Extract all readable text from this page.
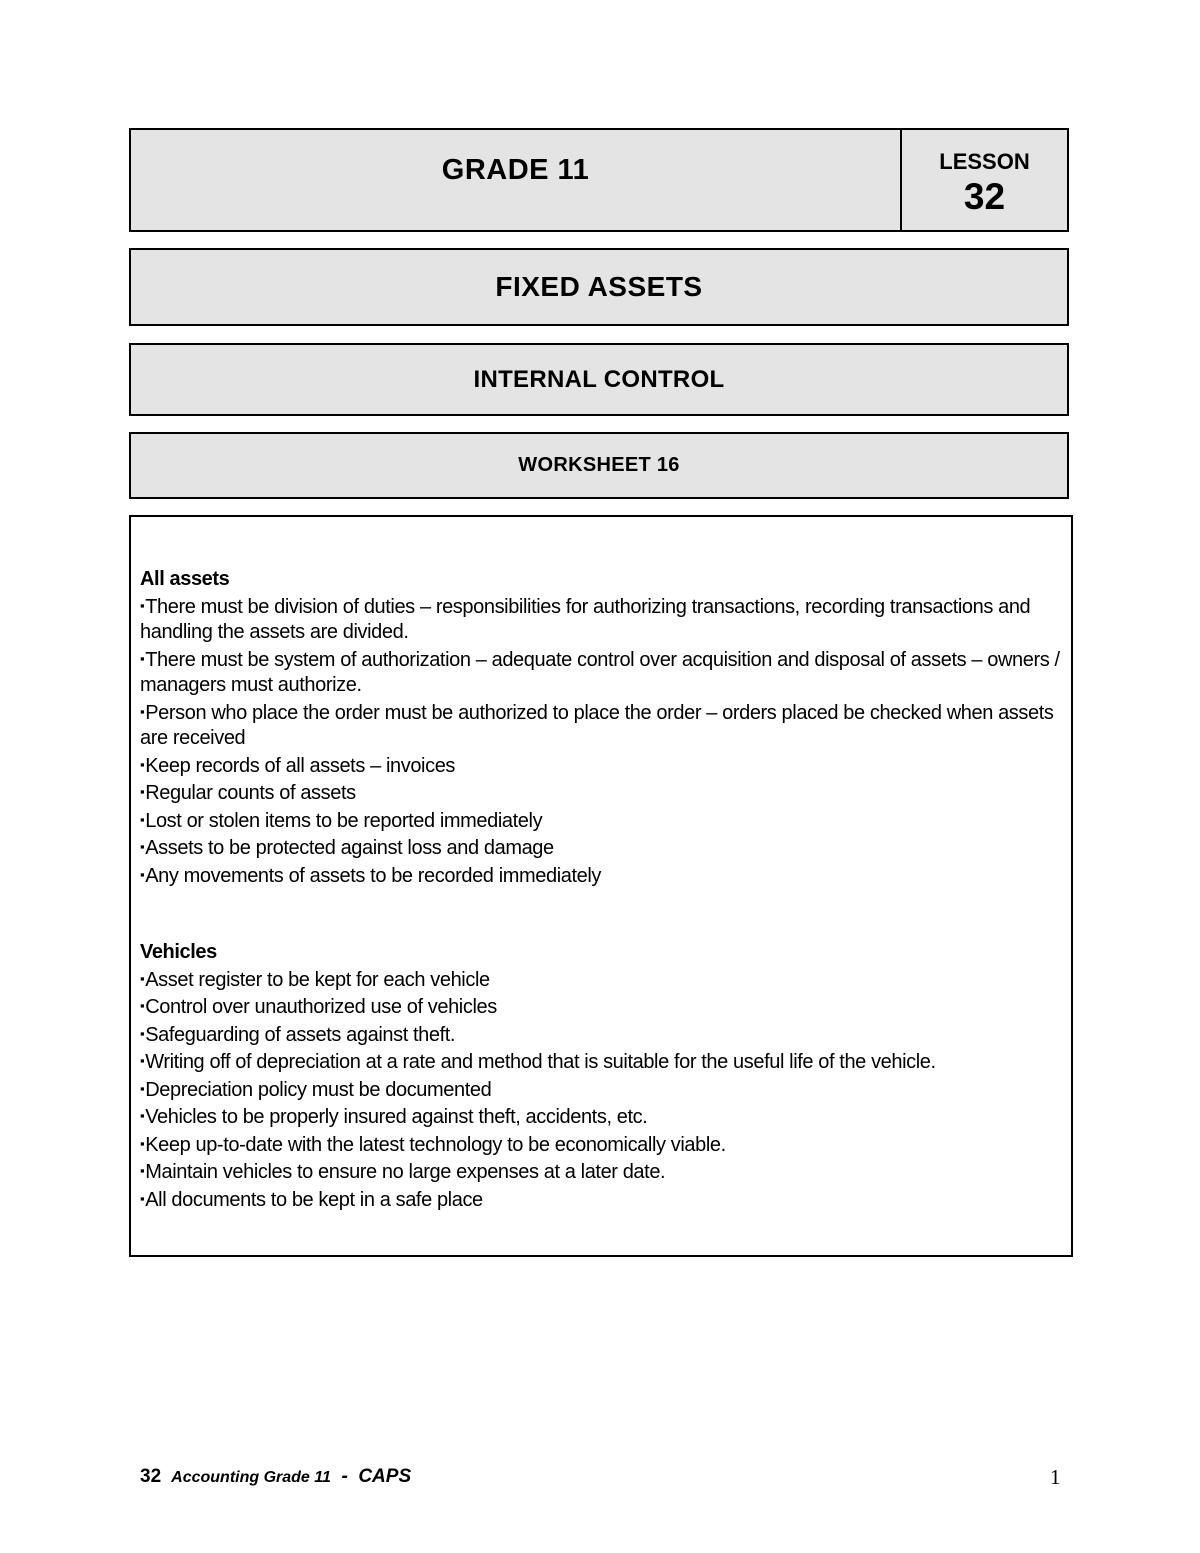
GRADE 11	LESSON
32
FIXED ASSETS
INTERNAL CONTROL
WORKSHEET 16

All assets

▪There must be division of duties – responsibilities for authorizing transactions, recording transactions and handling the assets are divided.

▪There must be system of authorization – adequate control over acquisition and disposal of assets – owners / managers must authorize.

▪Person who place the order must be authorized to place the order – orders placed be checked when assets are received

▪Keep records of all assets – invoices

▪Regular counts of assets

▪Lost or stolen items to be reported immediately

▪Assets to be protected against loss and damage

▪Any movements of assets to be recorded immediately

Vehicles

▪Asset register to be kept for each vehicle

▪Control over unauthorized use of vehicles

▪Safeguarding of assets against theft.

▪Writing off of depreciation at a rate and method that is suitable for the useful life of the vehicle.

▪Depreciation policy must be documented

▪Vehicles to be properly insured against theft, accidents, etc.

▪Keep up-to-date with the latest technology to be economically viable.

▪Maintain vehicles to ensure no large expenses at a later date.

▪All documents to be kept in a safe place

32 Accounting Grade 11 - CAPS	1
